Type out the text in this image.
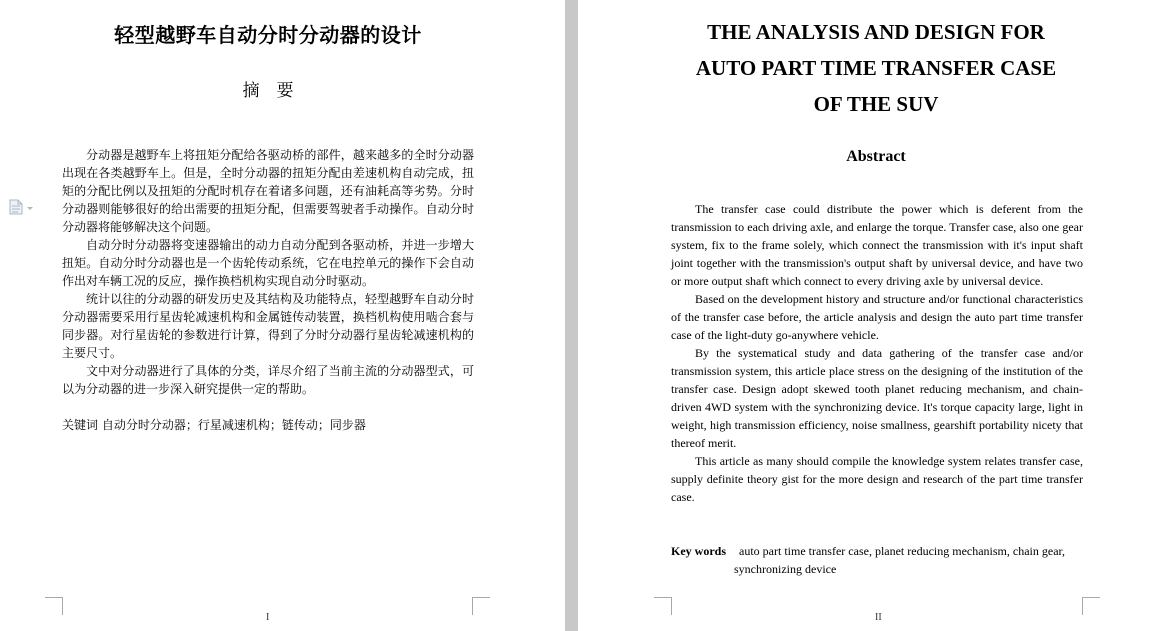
轻型越野车自动分时分动器的设计
摘　要

分动器是越野车上将扭矩分配给各驱动桥的部件，越来越多的全时分动器出现在各类越野车上。但是，全时分动器的扭矩分配由差速机构自动完成，扭矩的分配比例以及扭矩的分配时机存在着诸多问题，还有油耗高等劣势。分时分动器则能够很好的给出需要的扭矩分配，但需要驾驶者手动操作。自动分时分动器将能够解决这个问题。

自动分时分动器将变速器输出的动力自动分配到各驱动桥，并进一步增大扭矩。自动分时分动器也是一个齿轮传动系统，它在电控单元的操作下会自动作出对车辆工况的反应，操作换档机构实现自动分时驱动。

统计以往的分动器的研发历史及其结构及功能特点，轻型越野车自动分时分动器需要采用行星齿轮减速机构和金属链传动装置，换档机构使用啮合套与同步器。对行星齿轮的参数进行计算，得到了分时分动器行星齿轮减速机构的主要尺寸。

文中对分动器进行了具体的分类，详尽介绍了当前主流的分动器型式，可以为分动器的进一步深入研究提供一定的帮助。

关键词 自动分时分动器；行星减速机构；链传动；同步器
I
THE ANALYSIS AND DESIGN FOR
AUTO PART TIME TRANSFER CASE
OF THE SUV
Abstract

The transfer case could distribute the power which is deferent from the transmission to each driving axle, and enlarge the torque. Transfer case, also one gear system, fix to the frame solely, which connect the transmission with it's input shaft joint together with the transmission's output shaft by universal device, and have two or more output shaft which connect to every driving axle by universal device.

Based on the development history and structure and/or functional characteristics of the transfer case before, the article analysis and design the auto part time transfer case of the light-duty go-anywhere vehicle.

By the systematical study and data gathering of the transfer case and/or transmission system, this article place stress on the designing of the institution of the transfer case. Design adopt skewed tooth planet reducing mechanism, and chain-driven 4WD system with the synchronizing device. It's torque capacity large, light in weight, high transmission efficiency, noise smallness, gearshift portability nicety that thereof merit.

This article as many should compile the knowledge system relates transfer case, supply definite theory gist for the more design and research of the part time transfer case.

Key words auto part time transfer case, planet reducing mechanism, chain gear,
synchronizing device
II
